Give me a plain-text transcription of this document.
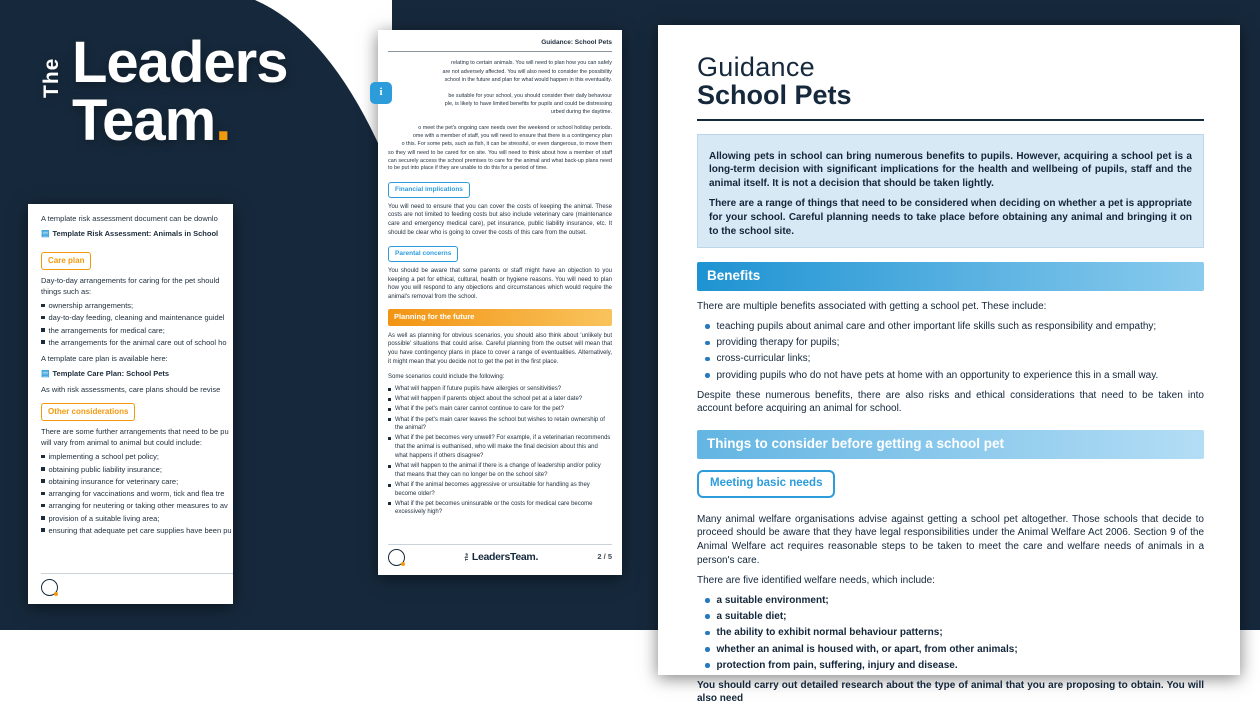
The Leaders
Team.
A template risk assessment document can be downlo
▤ Template Risk Assessment: Animals in School
Care plan
Day-to-day arrangements for caring for the pet should
things such as:
ownership arrangements;
day-to-day feeding, cleaning and maintenance guidel
the arrangements for medical care;
the arrangements for the animal care out of school ho
A template care plan is available here:
▤ Template Care Plan: School Pets
As with risk assessments, care plans should be revise
Other considerations
There are some further arrangements that need to be pu
will vary from animal to animal but could include:
implementing a school pet policy;
obtaining public liability insurance;
obtaining insurance for veterinary care;
arranging for vaccinations and worm, tick and flea tre
arranging for neutering or taking other measures to av
provision of a suitable living area;
ensuring that adequate pet care supplies have been pu
Guidance: School Pets
i
relating to certain animals. You will need to plan how you can safely
are not adversely affected. You will also need to consider the possibility
school in the future and plan for what would happen in this eventuality.
be suitable for your school, you should consider their daily behaviour
ple, is likely to have limited benefits for pupils and could be distressing
urbed during the daytime.
o meet the pet's ongoing care needs over the weekend or school holiday periods.
ome with a member of staff, you will need to ensure that there is a contingency plan
o this. For some pets, such as fish, it can be stressful, or even dangerous, to move them

so they will need to be cared for on site. You will need to think about how a member of staff can securely access the school premises to care for the animal and what back-up plans need to be put into place if they are unable to do this for a period of time.

Financial implications

You will need to ensure that you can cover the costs of keeping the animal. These costs are not limited to feeding costs but also include veterinary care (maintenance care and emergency medical care), pet insurance, public liability insurance, etc. It should be clear who is going to cover the costs of this care from the outset.

Parental concerns

You should be aware that some parents or staff might have an objection to you keeping a pet for ethical, cultural, health or hygiene reasons. You will need to plan how you will respond to any objections and circumstances which would require the animal's removal from the school.

Planning for the future

As well as planning for obvious scenarios, you should also think about 'unlikely but possible' situations that could arise. Careful planning from the outset will mean that you have contingency plans in place to cover a range of eventualities. Alternatively, it might mean that you decide not to get the pet in the first place.

Some scenarios could include the following:

What will happen if future pupils have allergies or sensitivities?
What will happen if parents object about the school pet at a later date?
What if the pet's main carer cannot continue to care for the pet?
What if the pet's main carer leaves the school but wishes to retain ownership of the animal?
What if the pet becomes very unwell? For example, if a veterinarian recommends that the animal is euthanised, who will make the final decision about this and what happens if others disagree?
What will happen to the animal if there is a change of leadership and/or policy that means that they can no longer be on the school site?
What if the animal becomes aggressive or unsuitable for handling as they become older?
What if the pet becomes uninsurable or the costs for medical care become excessively high?
The Leaders Team .	2 / 5
Guidance
School Pets

Allowing pets in school can bring numerous benefits to pupils. However, acquiring a school pet is a long-term decision with significant implications for the health and wellbeing of pupils, staff and the animal itself. It is not a decision that should be taken lightly.

There are a range of things that need to be considered when deciding on whether a pet is appropriate for your school. Careful planning needs to take place before obtaining any animal and bringing it on to the school site.

Benefits

There are multiple benefits associated with getting a school pet. These include:

teaching pupils about animal care and other important life skills such as responsibility and empathy;
providing therapy for pupils;
cross-curricular links;
providing pupils who do not have pets at home with an opportunity to experience this in a small way.

Despite these numerous benefits, there are also risks and ethical considerations that need to be taken into account before acquiring an animal for school.

Things to consider before getting a school pet
Meeting basic needs

Many animal welfare organisations advise against getting a school pet altogether. Those schools that decide to proceed should be aware that they have legal responsibilities under the Animal Welfare Act 2006. Section 9 of the Animal Welfare act requires reasonable steps to be taken to meet the care and welfare needs of animals in a person's care.

There are five identified welfare needs, which include:

a suitable environment;
a suitable diet;
the ability to exhibit normal behaviour patterns;
whether an animal is housed with, or apart, from other animals;
protection from pain, suffering, injury and disease.

You should carry out detailed research about the type of animal that you are proposing to obtain. You will also need
